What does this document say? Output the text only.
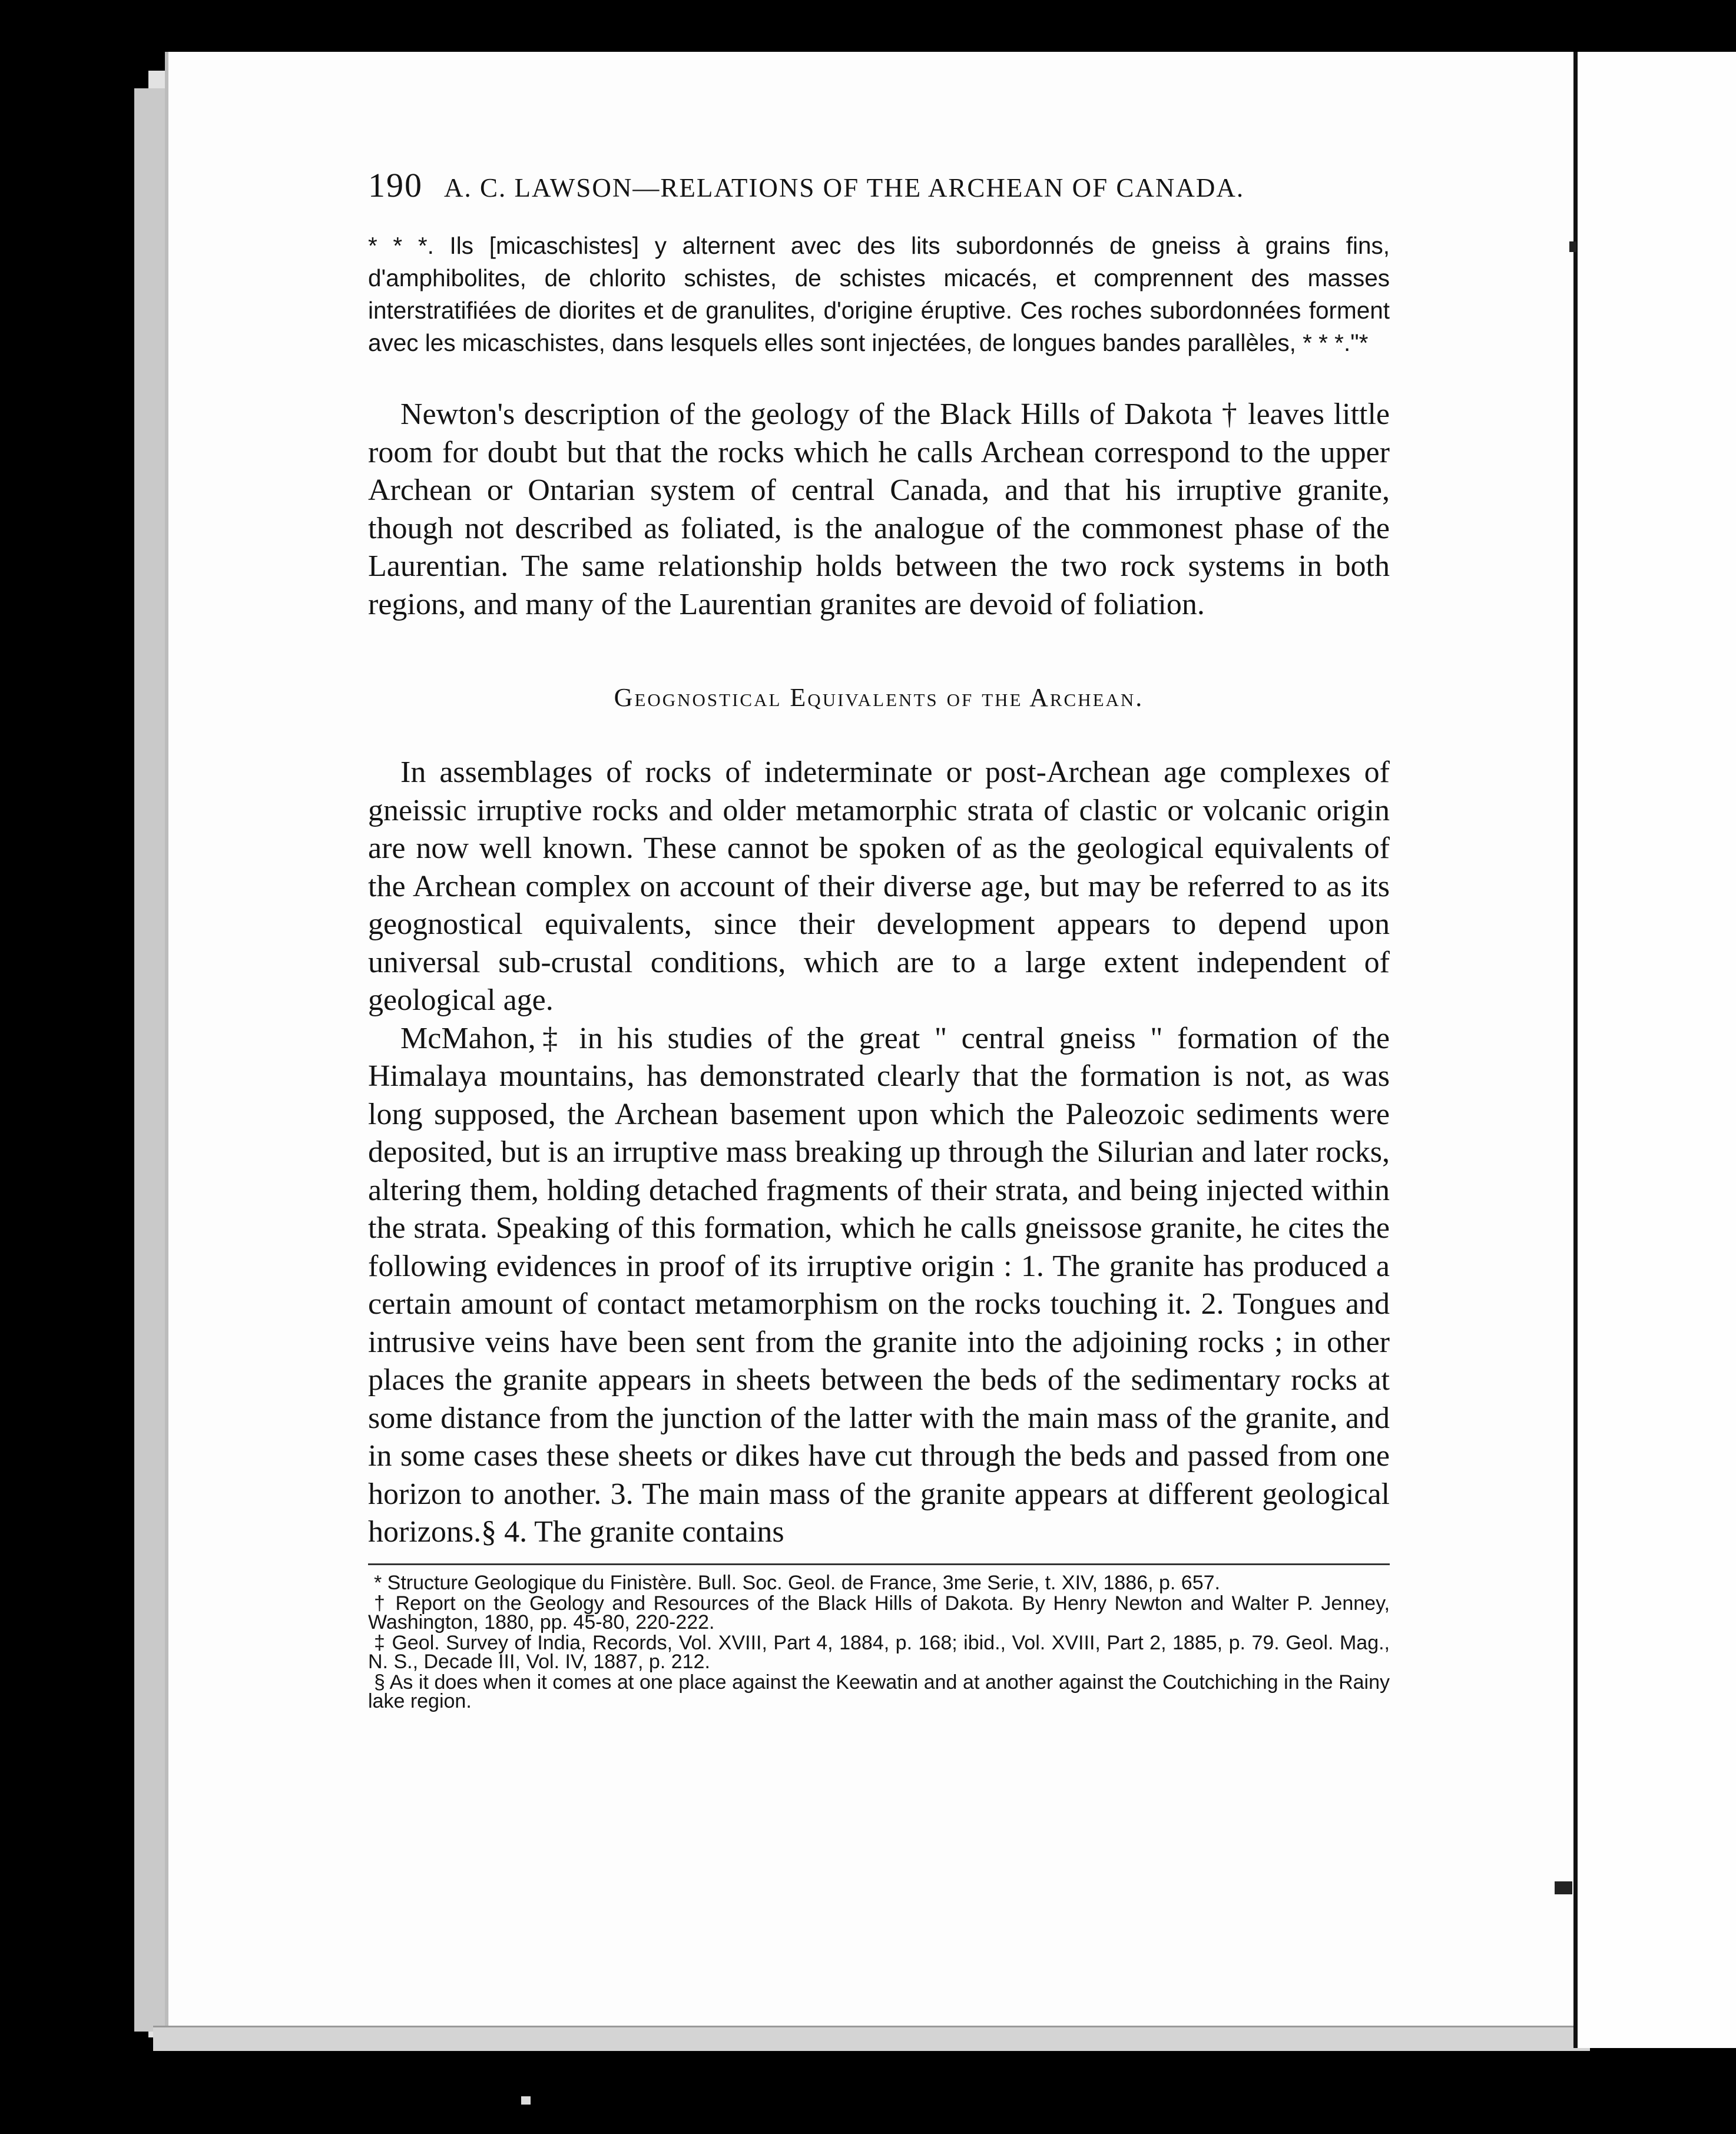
190 A. C. LAWSON—RELATIONS OF THE ARCHEAN OF CANADA.
* * *. Ils [micaschistes] y alternent avec des lits subordonnés de gneiss à grains fins, d'amphibolites, de chlorito schistes, de schistes micacés, et comprennent des masses interstratifiées de diorites et de granulites, d'origine éruptive. Ces roches subordonnées forment avec les micaschistes, dans lesquels elles sont injectées, de longues bandes parallèles, * * *."*

Newton's description of the geology of the Black Hills of Dakota † leaves little room for doubt but that the rocks which he calls Archean correspond to the upper Archean or Ontarian system of central Canada, and that his irruptive granite, though not described as foliated, is the analogue of the commonest phase of the Laurentian. The same relationship holds between the two rock systems in both regions, and many of the Laurentian granites are devoid of foliation.

Geognostical Equivalents of the Archean.

In assemblages of rocks of indeterminate or post-Archean age complexes of gneissic irruptive rocks and older metamorphic strata of clastic or volcanic origin are now well known. These cannot be spoken of as the geological equivalents of the Archean complex on account of their diverse age, but may be referred to as its geognostical equivalents, since their development appears to depend upon universal sub-crustal conditions, which are to a large extent independent of geological age.

McMahon,‡ in his studies of the great " central gneiss " formation of the Himalaya mountains, has demonstrated clearly that the formation is not, as was long supposed, the Archean basement upon which the Paleozoic sediments were deposited, but is an irruptive mass breaking up through the Silurian and later rocks, altering them, holding detached fragments of their strata, and being injected within the strata. Speaking of this formation, which he calls gneissose granite, he cites the following evidences in proof of its irruptive origin : 1. The granite has produced a certain amount of contact metamorphism on the rocks touching it. 2. Tongues and intrusive veins have been sent from the granite into the adjoining rocks ; in other places the granite appears in sheets between the beds of the sedimentary rocks at some distance from the junction of the latter with the main mass of the granite, and in some cases these sheets or dikes have cut through the beds and passed from one horizon to another. 3. The main mass of the granite appears at different geological horizons.§ 4. The granite contains

* Structure Geologique du Finistère. Bull. Soc. Geol. de France, 3me Serie, t. XIV, 1886, p. 657.

† Report on the Geology and Resources of the Black Hills of Dakota. By Henry Newton and Walter P. Jenney, Washington, 1880, pp. 45-80, 220-222.

‡ Geol. Survey of India, Records, Vol. XVIII, Part 4, 1884, p. 168; ibid., Vol. XVIII, Part 2, 1885, p. 79. Geol. Mag., N. S., Decade III, Vol. IV, 1887, p. 212.

§ As it does when it comes at one place against the Keewatin and at another against the Coutchiching in the Rainy lake region.
